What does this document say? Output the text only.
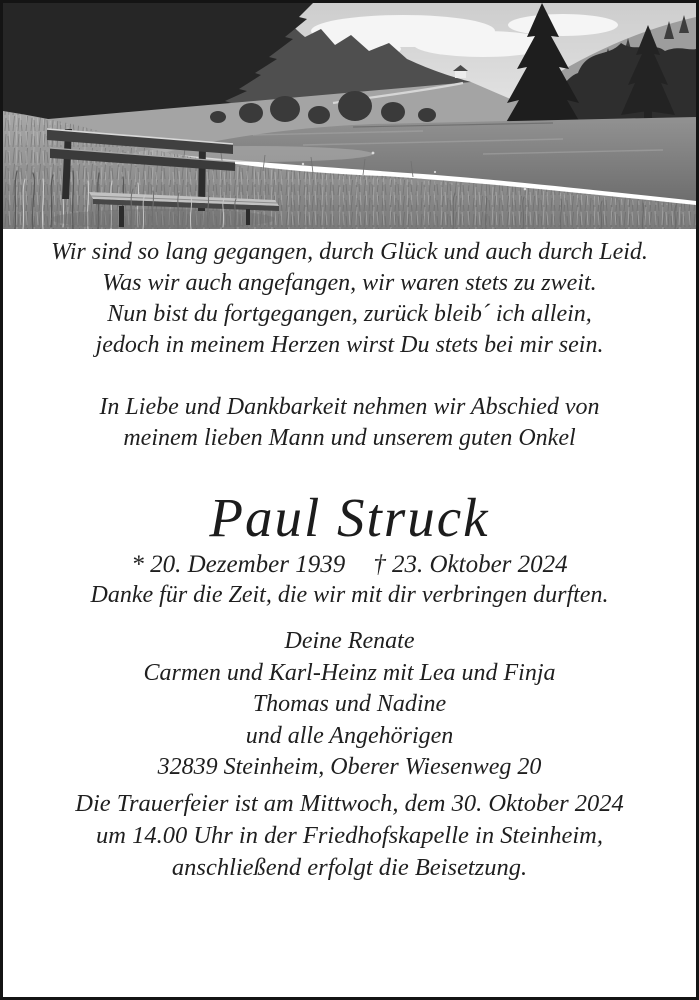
Wir sind so lang gegangen, durch Glück und auch durch Leid.

Was wir auch angefangen, wir waren stets zu zweit.

Nun bist du fortgegangen, zurück bleib´ ich allein,

jedoch in meinem Herzen wirst Du stets bei mir sein.

In Liebe und Dankbarkeit nehmen wir Abschied von

meinem lieben Mann und unserem guten Onkel

Paul Struck

* 20. Dezember 1939 † 23. Oktober 2024

Danke für die Zeit, die wir mit dir verbringen durften.

Deine Renate

Carmen und Karl-Heinz mit Lea und Finja

Thomas und Nadine

und alle Angehörigen

32839 Steinheim, Oberer Wiesenweg 20

Die Trauerfeier ist am Mittwoch, dem 30. Oktober 2024

um 14.00 Uhr in der Friedhofskapelle in Steinheim,

anschließend erfolgt die Beisetzung.
